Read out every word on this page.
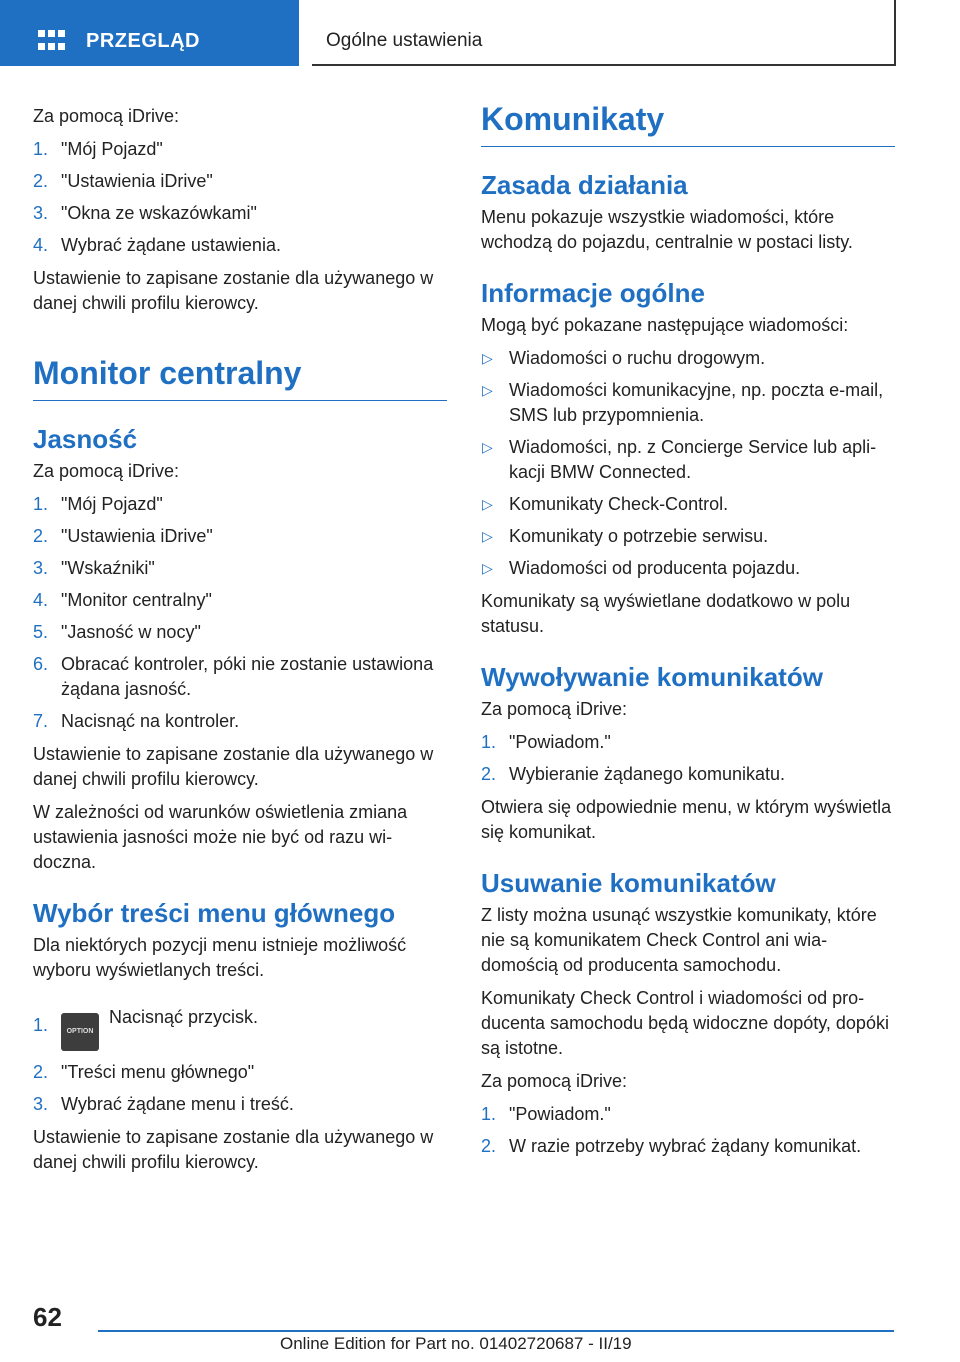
PRZEGLĄD	Ogólne ustawienia

Za pomocą iDrive:

1. "Mój Pojazd"
2. "Ustawienia iDrive"
3. "Okna ze wskazówkami"
4. Wybrać żądane ustawienia.

Ustawienie to zapisane zostanie dla używanego w danej chwili profilu kierowcy.

Monitor centralny
Jasność

Za pomocą iDrive:

1. "Mój Pojazd"
2. "Ustawienia iDrive"
3. "Wskaźniki"
4. "Monitor centralny"
5. "Jasność w nocy"
6. Obracać kontroler, póki nie zostanie ustawiona żądana jasność.
7. Nacisnąć na kontroler.

Ustawienie to zapisane zostanie dla używanego w danej chwili profilu kierowcy.

W zależności od warunków oświetlenia zmiana ustawienia jasności może nie być od razu widoczna.

Wybór treści menu głównego

Dla niektórych pozycji menu istnieje możliwość wyboru wyświetlanych treści.

1.	OPTIONNacisnąć przycisk.
2. "Treści menu głównego"
3. Wybrać żądane menu i treść.

Ustawienie to zapisane zostanie dla używanego w danej chwili profilu kierowcy.

Komunikaty
Zasada działania

Menu pokazuje wszystkie wiadomości, które wchodzą do pojazdu, centralnie w postaci listy.

Informacje ogólne

Mogą być pokazane następujące wiadomości:

▷ Wiadomości o ruchu drogowym.
▷ Wiadomości komunikacyjne, np. poczta e-mail, SMS lub przypomnienia.
▷ Wiadomości, np. z Concierge Service lub aplikacji BMW Connected.
▷ Komunikaty Check-Control.
▷ Komunikaty o potrzebie serwisu.
▷ Wiadomości od producenta pojazdu.

Komunikaty są wyświetlane dodatkowo w polu statusu.

Wywoływanie komunikatów

Za pomocą iDrive:

1. "Powiadom."
2. Wybieranie żądanego komunikatu.

Otwiera się odpowiednie menu, w którym wyświetla się komunikat.

Usuwanie komunikatów

Z listy można usunąć wszystkie komunikaty, które nie są komunikatem Check Control ani wiadomością od producenta samochodu.

Komunikaty Check Control i wiadomości od producenta samochodu będą widoczne dopóty, dopóki są istotne.

Za pomocą iDrive:

1. "Powiadom."
2. W razie potrzeby wybrać żądany komunikat.
62
Online Edition for Part no. 01402720687 - II/19
